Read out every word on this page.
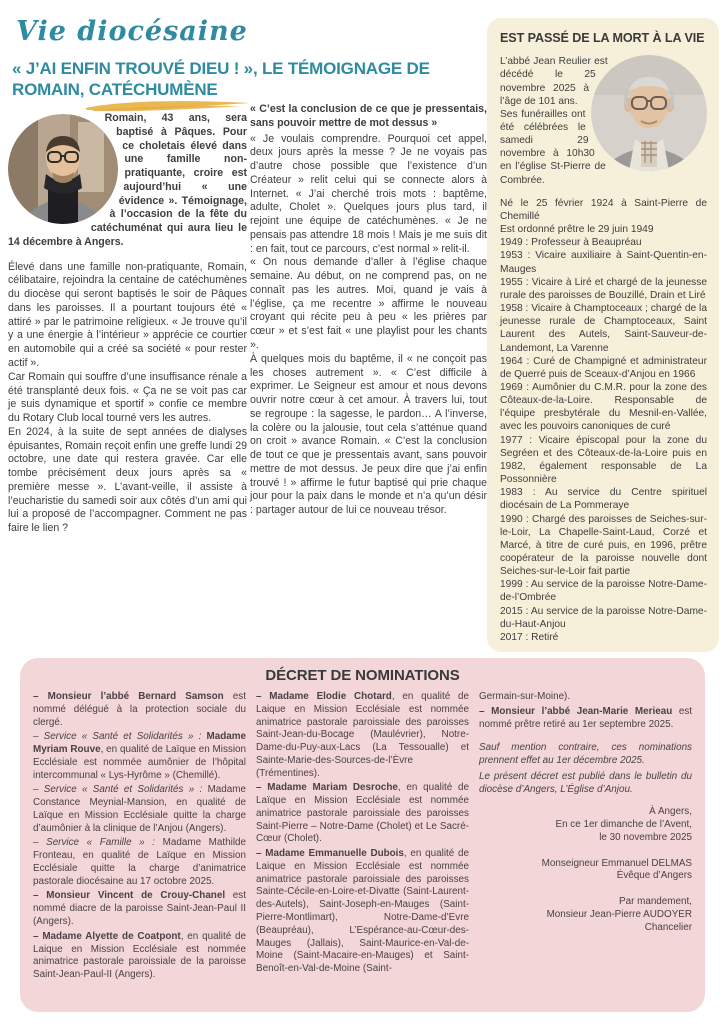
Vie diocésaine
« J’AI ENFIN TROUVÉ DIEU ! », LE TÉMOIGNAGE DE ROMAIN, CATÉCHUMÈNE

Romain, 43 ans, sera baptisé à Pâques. Pour ce choletais élevé dans une famille non-pratiquante, croire est aujourd’hui « une évidence ». Témoignage, à l’occasion de la fête du catéchuménat qui aura lieu le 14 décembre à Angers.

Élevé dans une famille non-pratiquante, Romain, célibataire, rejoindra la centaine de catéchumènes du diocèse qui seront baptisés le soir de Pâques dans les paroisses. Il a pourtant toujours été « attiré » par le patrimoine religieux. « Je trouve qu’il y a une énergie à l’intérieur » apprécie ce courtier en automobile qui a créé sa société « pour rester actif ».

Car Romain qui souffre d’une insuffisance rénale a été transplanté deux fois. « Ça ne se voit pas car je suis dynamique et sportif » confie ce membre du Rotary Club local tourné vers les autres.

En 2024, à la suite de sept années de dialyses épuisantes, Romain reçoit enfin une greffe lundi 29 octobre, une date qui restera gravée. Car elle tombe précisément deux jours après sa « première messe ». L’avant-veille, il assiste à l’eucharistie du samedi soir aux côtés d’un ami qui lui a proposé de l’accompagner. Comment ne pas faire le lien ?

« C’est la conclusion de ce que je pressentais, sans pouvoir mettre de mot dessus »

« Je voulais comprendre. Pourquoi cet appel, deux jours après la messe ? Je ne voyais pas d’autre chose possible que l’existence d’un Créateur » relit celui qui se connecte alors à Internet. « J’ai cherché trois mots : baptême, adulte, Cholet ». Quelques jours plus tard, il rejoint une équipe de catéchumènes. « Je ne pensais pas attendre 18 mois ! Mais je me suis dit : en fait, tout ce parcours, c’est normal » relit-il.

« On nous demande d’aller à l’église chaque semaine. Au début, on ne comprend pas, on ne connaît pas les autres. Moi, quand je vais à l’église, ça me recentre » affirme le nouveau croyant qui récite peu à peu « les prières par cœur » et s’est fait « une playlist pour les chants ».

À quelques mois du baptême, il « ne conçoit pas les choses autrement ». « C’est difficile à exprimer. Le Seigneur est amour et nous devons ouvrir notre cœur à cet amour. À travers lui, tout se regroupe : la sagesse, le pardon… A l’inverse, la colère ou la jalousie, tout cela s’atténue quand on croit » avance Romain. « C’est la conclusion de tout ce que je pressentais avant, sans pouvoir mettre de mot dessus. Je peux dire que j’ai enfin trouvé ! » affirme le futur baptisé qui prie chaque jour pour la paix dans le monde et n’a qu’un désir : partager autour de lui ce nouveau trésor.

EST PASSÉ DE LA MORT À LA VIE

L’abbé Jean Reulier est décédé le 25 novembre 2025 à l’âge de 101 ans.

Ses funérailles ont été célébrées le samedi 29 novembre à 10h30 en l’église St-Pierre de Combrée.

Né le 25 février 1924 à Saint-Pierre de Chemillé
Est ordonné prêtre le 29 juin 1949
1949 : Professeur à Beaupréau
1953 : Vicaire auxiliaire à Saint-Quentin-en-Mauges
1955 : Vicaire à Liré et chargé de la jeunesse rurale des paroisses de Bouzillé, Drain et Liré
1958 : Vicaire à Champtoceaux ; chargé de la jeunesse rurale de Champtoceaux, Saint Laurent des Autels, Saint-Sauveur-de-Landemont, La Varenne
1964 : Curé de Champigné et administrateur de Querré puis de Sceaux-d’Anjou en 1966
1969 : Aumônier du C.M.R. pour la zone des Côteaux-de-la-Loire. Responsable de l’équipe presbytérale du Mesnil-en-Vallée, avec les pouvoirs canoniques de curé
1977 : Vicaire épiscopal pour la zone du Segréen et des Côteaux-de-la-Loire puis en 1982, également responsable de La Possonnière
1983 : Au service du Centre spirituel diocésain de La Pommeraye
1990 : Chargé des paroisses de Seiches-sur-le-Loir, La Chapelle-Saint-Laud, Corzé et Marcé, à titre de curé puis, en 1996, prêtre coopérateur de la paroisse nouvelle dont Seiches-sur-le-Loir fait partie
1999 : Au service de la paroisse Notre-Dame-de-l’Ombrée
2015 : Au service de la paroisse Notre-Dame-du-Haut-Anjou
2017 : Retiré
DÉCRET DE NOMINATIONS

– Monsieur l’abbé Bernard Samson est nommé délégué à la protection sociale du clergé.

– Service « Santé et Solidarités » : Madame Myriam Rouve, en qualité de Laïque en Mission Ecclésiale est nommée aumônier de l’hôpital intercommunal « Lys-Hyrôme » (Chemillé).

– Service « Santé et Solidarités » : Madame Constance Meynial-Mansion, en qualité de Laïque en Mission Ecclésiale quitte la charge d’aumônier à la clinique de l’Anjou (Angers).

– Service « Famille » : Madame Mathilde Fronteau, en qualité de Laïque en Mission Ecclésiale quitte la charge d’animatrice pastorale diocésaine au 17 octobre 2025.

– Monsieur Vincent de Crouy-Chanel est nommé diacre de la paroisse Saint-Jean-Paul II (Angers).

– Madame Alyette de Coatpont, en qualité de Laique en Mission Ecclésiale est nommée animatrice pastorale paroissiale de la paroisse Saint-Jean-Paul-II (Angers).

– Madame Elodie Chotard, en qualité de Laique en Mission Ecclésiale est nommée animatrice pastorale paroissiale des paroisses Saint-Jean-du-Bocage (Maulévrier), Notre-Dame-du-Puy-aux-Lacs (La Tessoualle) et Sainte-Marie-des-Sources-de-l’Èvre (Trémentines).

– Madame Mariam Desroche, en qualité de Laïque en Mission Ecclésiale est nommée animatrice pastorale paroissiale des paroisses Saint-Pierre – Notre-Dame (Cholet) et Le Sacré-Cœur (Cholet).

– Madame Emmanuelle Dubois, en qualité de Laique en Mission Ecclésiale est nommée animatrice pastorale paroissiale des paroisses Sainte-Cécile-en-Loire-et-Divatte (Saint-Laurent-des-Autels), Saint-Joseph-en-Mauges (Saint-Pierre-Montlimart), Notre-Dame-d’Evre (Beaupréau), L’Espérance-au-Cœur-des-Mauges (Jallais), Saint-Maurice-en-Val-de-Moine (Saint-Macaire-en-Mauges) et Saint-Benoît-en-Val-de-Moine (Saint-

Germain-sur-Moine).

– Monsieur l’abbé Jean-Marie Merieau est nommé prêtre retiré au 1er septembre 2025.

Sauf mention contraire, ces nominations prennent effet au 1er décembre 2025.

Le présent décret est publié dans le bulletin du diocèse d’Angers, L’Église d’Anjou.

À Angers,
En ce 1er dimanche de l’Avent,
le 30 novembre 2025
Monseigneur Emmanuel DELMAS
Évêque d’Angers
Par mandement,
Monsieur Jean-Pierre AUDOYER
Chancelier
